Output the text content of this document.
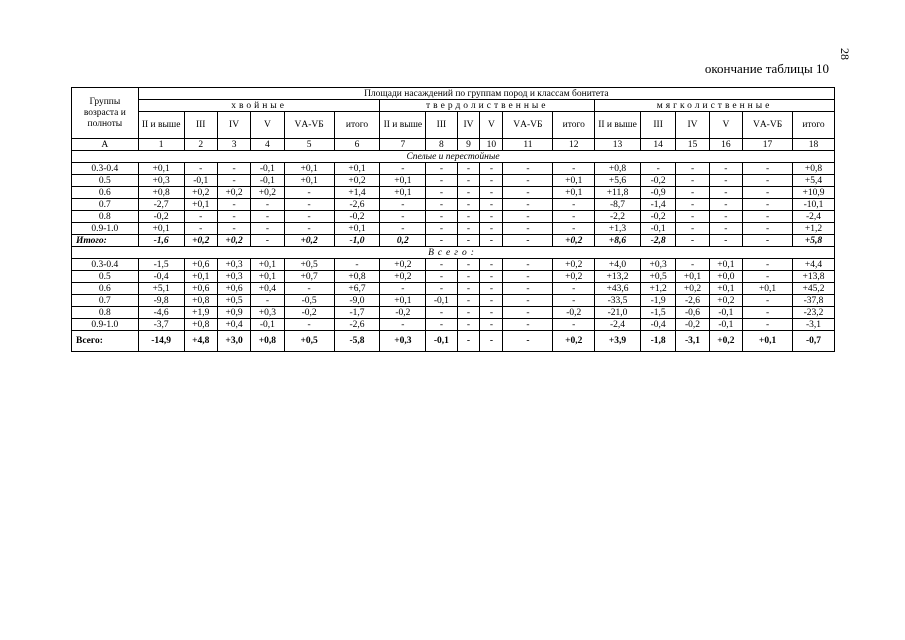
28
окончание таблицы 10
Группы возраста и полноты	Площади насаждений по группам пород и классам бонитета																	
	хвойные						твердолиственные						мягколиственные					
	II и выше	III	IV	V	VА-VБ	итого	II и выше	III	IV	V	VА-VБ	итого	II и выше	III	IV	V	VА-VБ	итого
А	1	2	3	4	5	6	7	8	9	10	11	12	13	14	15	16	17	18
Спелые и перестойные																		
0.3-0.4	+0,1	-	-	-0,1	+0,1	+0,1	-	-	-	-	-	-	+0,8	-	-	-	-	+0,8
0.5	+0,3	-0,1	-	-0,1	+0,1	+0,2	+0,1	-	-	-	-	+0,1	+5,6	-0,2	-	-	-	+5,4
0.6	+0,8	+0,2	+0,2	+0,2	-	+1,4	+0,1	-	-	-	-	+0,1	+11,8	-0,9	-	-	-	+10,9
0.7	-2,7	+0,1	-	-	-	-2,6	-	-	-	-	-	-	-8,7	-1,4	-	-	-	-10,1
0.8	-0,2	-	-	-	-	-0,2	-	-	-	-	-	-	-2,2	-0,2	-	-	-	-2,4
0.9-1.0	+0,1	-	-	-	-	+0,1	-	-	-	-	-	-	+1,3	-0,1	-	-	-	+1,2
Итого:	-1,6	+0,2	+0,2	-	+0,2	-1,0	0,2	-	-	-	-	+0,2	+8,6	-2,8	-	-	-	+5,8
Всего:																		
0.3-0.4	-1,5	+0,6	+0,3	+0,1	+0,5	-	+0,2	-	-	-	-	+0,2	+4,0	+0,3	-	+0,1	-	+4,4
0.5	-0,4	+0,1	+0,3	+0,1	+0,7	+0,8	+0,2	-	-	-	-	+0,2	+13,2	+0,5	+0,1	+0,0	-	+13,8
0.6	+5,1	+0,6	+0,6	+0,4	-	+6,7	-	-	-	-	-	-	+43,6	+1,2	+0,2	+0,1	+0,1	+45,2
0.7	-9,8	+0,8	+0,5	-	-0,5	-9,0	+0,1	-0,1	-	-	-	-	-33,5	-1,9	-2,6	+0,2	-	-37,8
0.8	-4,6	+1,9	+0,9	+0,3	-0,2	-1,7	-0,2	-	-	-	-	-0,2	-21,0	-1,5	-0,6	-0,1	-	-23,2
0.9-1.0	-3,7	+0,8	+0,4	-0,1	-	-2,6	-	-	-	-	-	-	-2,4	-0,4	-0,2	-0,1	-	-3,1
Всего:	-14,9	+4,8	+3,0	+0,8	+0,5	-5,8	+0,3	-0,1	-	-	-	+0,2	+3,9	-1,8	-3,1	+0,2	+0,1	-0,7
